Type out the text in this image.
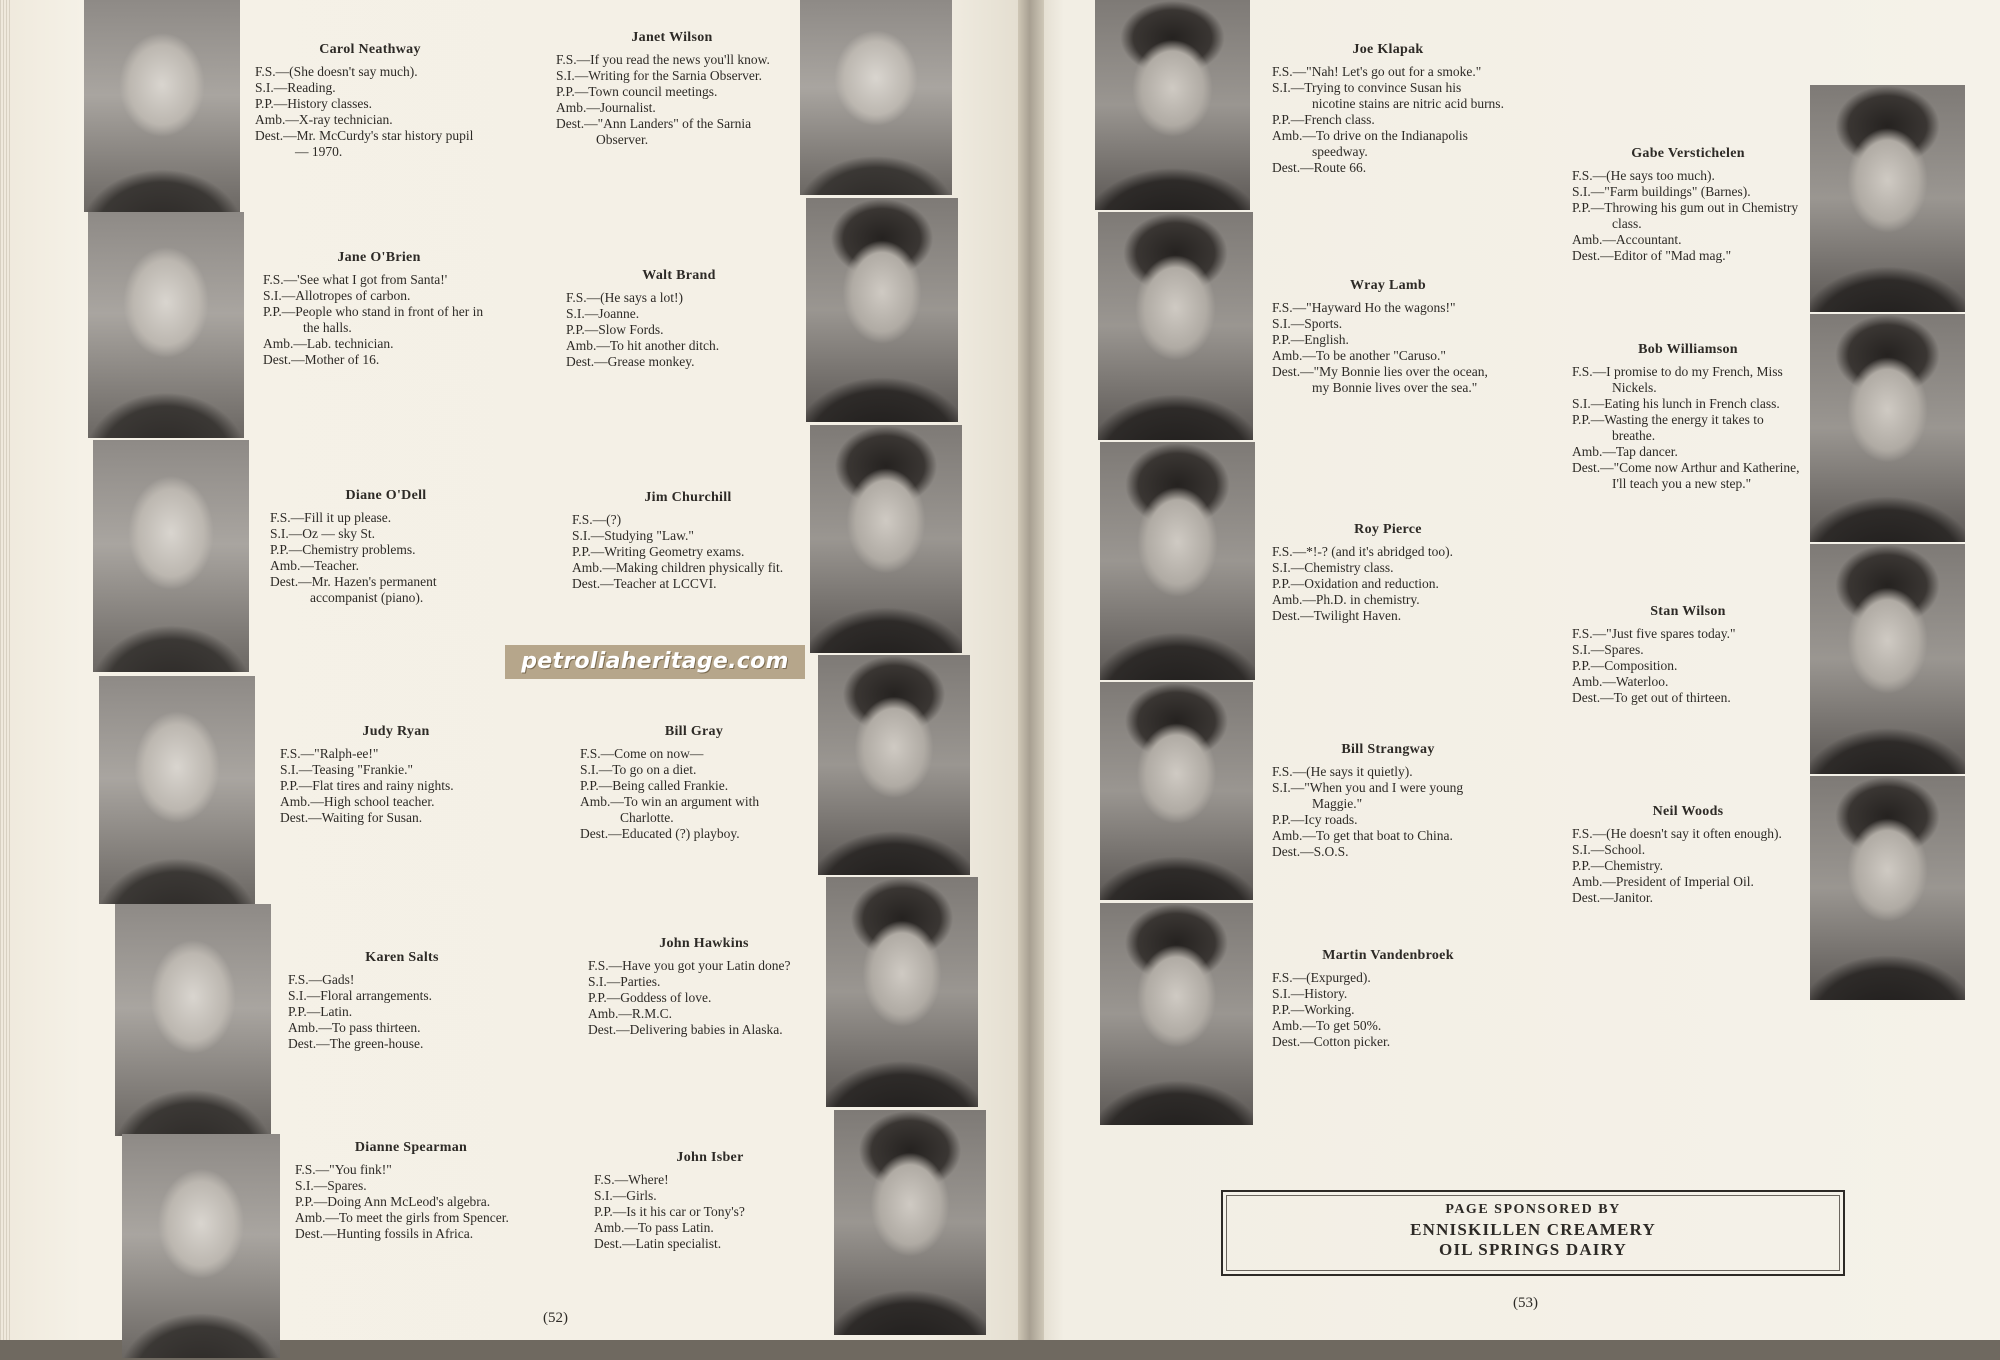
Carol Neathway
F.S.—(She doesn't say much).
S.I.—Reading.
P.P.—History classes.
Amb.—X-ray technician.
Dest.—Mr. McCurdy's star history pupil — 1970.
Jane O'Brien
F.S.—'See what I got from Santa!'
S.I.—Allotropes of carbon.
P.P.—People who stand in front of her in the halls.
Amb.—Lab. technician.
Dest.—Mother of 16.
Diane O'Dell
F.S.—Fill it up please.
S.I.—Oz — sky St.
P.P.—Chemistry problems.
Amb.—Teacher.
Dest.—Mr. Hazen's permanent accompanist (piano).
Judy Ryan
F.S.—"Ralph-ee!"
S.I.—Teasing "Frankie."
P.P.—Flat tires and rainy nights.
Amb.—High school teacher.
Dest.—Waiting for Susan.
Karen Salts
F.S.—Gads!
S.I.—Floral arrangements.
P.P.—Latin.
Amb.—To pass thirteen.
Dest.—The green-house.
Dianne Spearman
F.S.—"You fink!"
S.I.—Spares.
P.P.—Doing Ann McLeod's algebra.
Amb.—To meet the girls from Spencer.
Dest.—Hunting fossils in Africa.
Janet Wilson
F.S.—If you read the news you'll know.
S.I.—Writing for the Sarnia Observer.
P.P.—Town council meetings.
Amb.—Journalist.
Dest.—"Ann Landers" of the Sarnia Observer.
Walt Brand
F.S.—(He says a lot!)
S.I.—Joanne.
P.P.—Slow Fords.
Amb.—To hit another ditch.
Dest.—Grease monkey.
Jim Churchill
F.S.—(?)
S.I.—Studying "Law."
P.P.—Writing Geometry exams.
Amb.—Making children physically fit.
Dest.—Teacher at LCCVI.
Bill Gray
F.S.—Come on now—
S.I.—To go on a diet.
P.P.—Being called Frankie.
Amb.—To win an argument with Charlotte.
Dest.—Educated (?) playboy.
John Hawkins
F.S.—Have you got your Latin done?
S.I.—Parties.
P.P.—Goddess of love.
Amb.—R.M.C.
Dest.—Delivering babies in Alaska.
John Isber
F.S.—Where!
S.I.—Girls.
P.P.—Is it his car or Tony's?
Amb.—To pass Latin.
Dest.—Latin specialist.
petroliaheritage.com
(52)
Joe Klapak
F.S.—"Nah! Let's go out for a smoke."
S.I.—Trying to convince Susan his nicotine stains are nitric acid burns.
P.P.—French class.
Amb.—To drive on the Indianapolis speedway.
Dest.—Route 66.
Wray Lamb
F.S.—"Hayward Ho the wagons!"
S.I.—Sports.
P.P.—English.
Amb.—To be another "Caruso."
Dest.—"My Bonnie lies over the ocean, my Bonnie lives over the sea."
Roy Pierce
F.S.—*!-? (and it's abridged too).
S.I.—Chemistry class.
P.P.—Oxidation and reduction.
Amb.—Ph.D. in chemistry.
Dest.—Twilight Haven.
Bill Strangway
F.S.—(He says it quietly).
S.I.—"When you and I were young Maggie."
P.P.—Icy roads.
Amb.—To get that boat to China.
Dest.—S.O.S.
Martin Vandenbroek
F.S.—(Expurged).
S.I.—History.
P.P.—Working.
Amb.—To get 50%.
Dest.—Cotton picker.
Gabe Verstichelen
F.S.—(He says too much).
S.I.—"Farm buildings" (Barnes).
P.P.—Throwing his gum out in Chemistry class.
Amb.—Accountant.
Dest.—Editor of "Mad mag."
Bob Williamson
F.S.—I promise to do my French, Miss Nickels.
S.I.—Eating his lunch in French class.
P.P.—Wasting the energy it takes to breathe.
Amb.—Tap dancer.
Dest.—"Come now Arthur and Katherine, I'll teach you a new step."
Stan Wilson
F.S.—"Just five spares today."
S.I.—Spares.
P.P.—Composition.
Amb.—Waterloo.
Dest.—To get out of thirteen.
Neil Woods
F.S.—(He doesn't say it often enough).
S.I.—School.
P.P.—Chemistry.
Amb.—President of Imperial Oil.
Dest.—Janitor.
PAGE SPONSORED BY
ENNISKILLEN CREAMERY
OIL SPRINGS DAIRY
(53)
